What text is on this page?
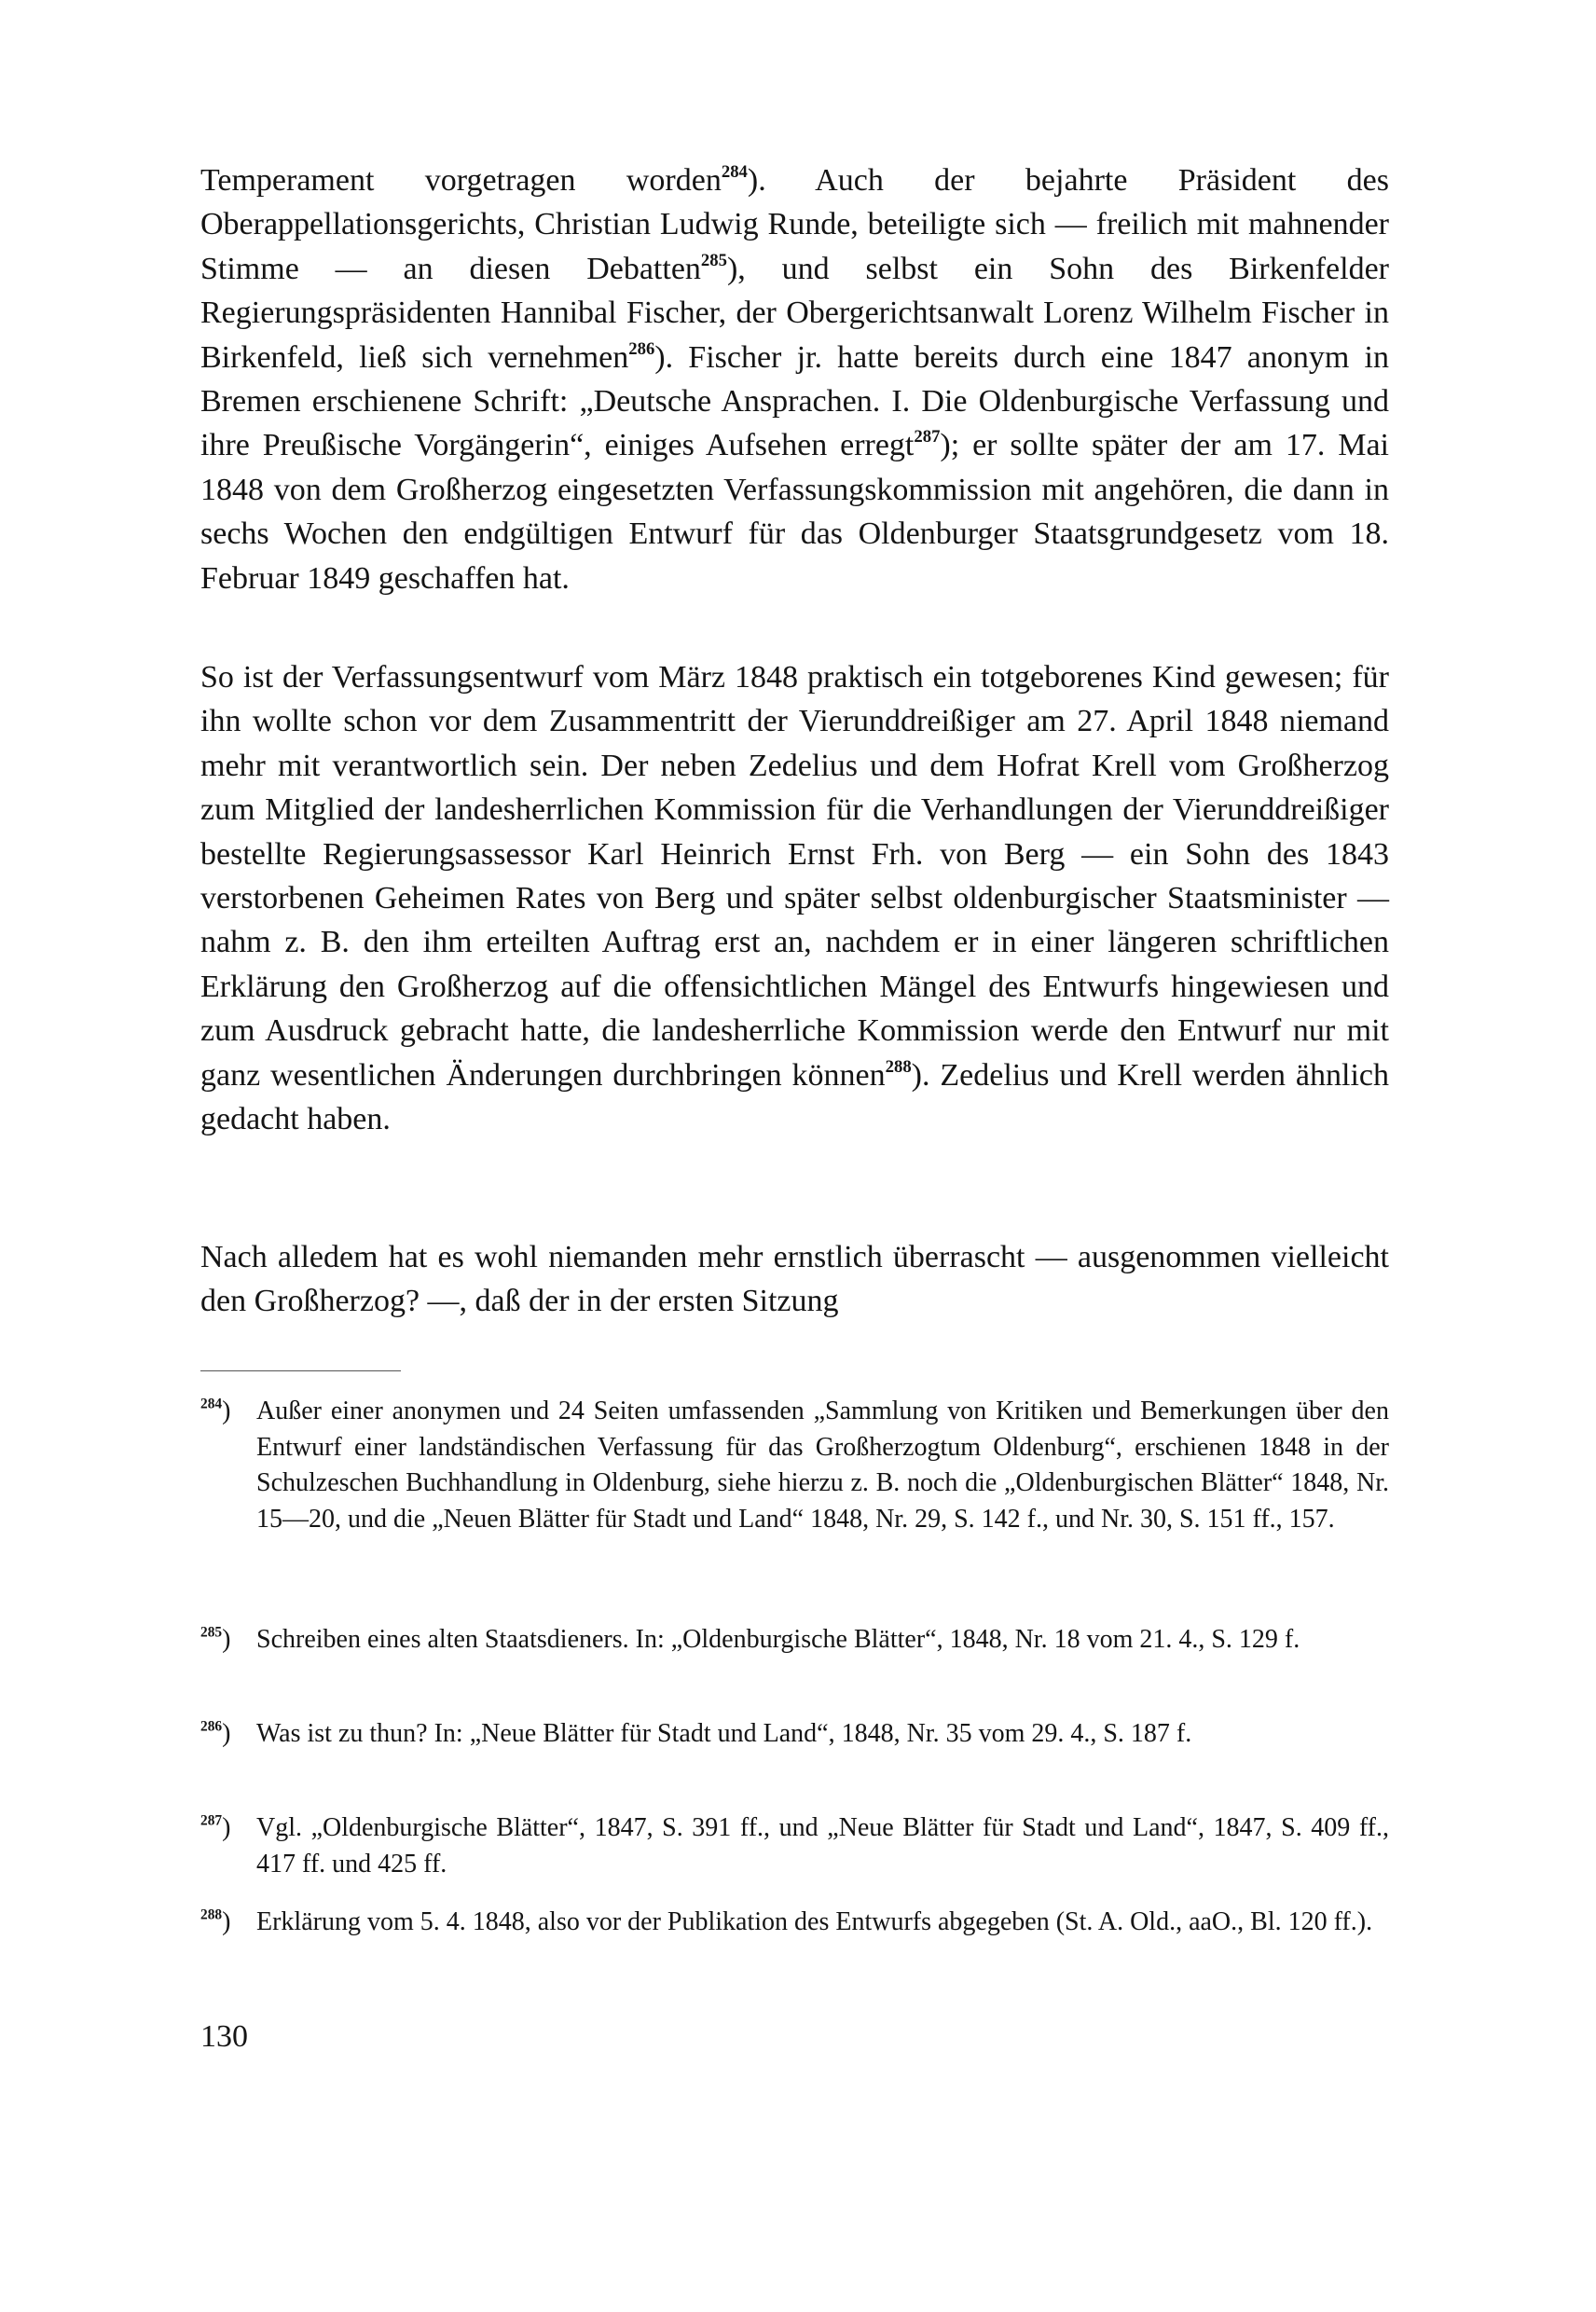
Temperament vorgetragen worden$^{284}$). Auch der bejahrte Präsident des Oberappellationsgerichts, Christian Ludwig Runde, beteiligte sich — freilich mit mahnender Stimme — an diesen Debatten$^{285}$), und selbst ein Sohn des Birkenfelder Regierungspräsidenten Hannibal Fischer, der Obergerichtsanwalt Lorenz Wilhelm Fischer in Birkenfeld, ließ sich vernehmen$^{286}$). Fischer jr. hatte bereits durch eine 1847 anonym in Bremen erschienene Schrift: „Deutsche Ansprachen. I. Die Oldenburgische Verfassung und ihre Preußische Vorgängerin“, einiges Aufsehen erregt$^{287}$); er sollte später der am 17. Mai 1848 von dem Großherzog eingesetzten Verfassungskommission mit angehören, die dann in sechs Wochen den endgültigen Entwurf für das Oldenburger Staatsgrundgesetz vom 18. Februar 1849 geschaffen hat.

So ist der Verfassungsentwurf vom März 1848 praktisch ein totgeborenes Kind gewesen; für ihn wollte schon vor dem Zusammentritt der Vierunddreißiger am 27. April 1848 niemand mehr mit verantwortlich sein. Der neben Zedelius und dem Hofrat Krell vom Großherzog zum Mitglied der landesherrlichen Kommission für die Verhandlungen der Vierunddreißiger bestellte Regierungsassessor Karl Heinrich Ernst Frh. von Berg — ein Sohn des 1843 verstorbenen Geheimen Rates von Berg und später selbst oldenburgischer Staatsminister — nahm z. B. den ihm erteilten Auftrag erst an, nachdem er in einer längeren schriftlichen Erklärung den Großherzog auf die offensichtlichen Mängel des Entwurfs hingewiesen und zum Ausdruck gebracht hatte, die landesherrliche Kommission werde den Entwurf nur mit ganz wesentlichen Änderungen durchbringen können$^{288}$). Zedelius und Krell werden ähnlich gedacht haben.

Nach alledem hat es wohl niemanden mehr ernstlich überrascht — ausgenommen vielleicht den Großherzog? —, daß der in der ersten Sitzung

$^{284}$) Außer einer anonymen und 24 Seiten umfassenden „Sammlung von Kritiken und Bemerkungen über den Entwurf einer landständischen Verfassung für das Großherzogtum Oldenburg“, erschienen 1848 in der Schulzeschen Buchhandlung in Oldenburg, siehe hierzu z. B. noch die „Oldenburgischen Blätter“ 1848, Nr. 15—20, und die „Neuen Blätter für Stadt und Land“ 1848, Nr. 29, S. 142 f., und Nr. 30, S. 151 ff., 157.
$^{285}$) Schreiben eines alten Staatsdieners. In: „Oldenburgische Blätter“, 1848, Nr. 18 vom 21. 4., S. 129 f.
$^{286}$) Was ist zu thun? In: „Neue Blätter für Stadt und Land“, 1848, Nr. 35 vom 29. 4., S. 187 f.
$^{287}$) Vgl. „Oldenburgische Blätter“, 1847, S. 391 ff., und „Neue Blätter für Stadt und Land“, 1847, S. 409 ff., 417 ff. und 425 ff.
$^{288}$) Erklärung vom 5. 4. 1848, also vor der Publikation des Entwurfs abgegeben (St. A. Old., aaO., Bl. 120 ff.).

130
